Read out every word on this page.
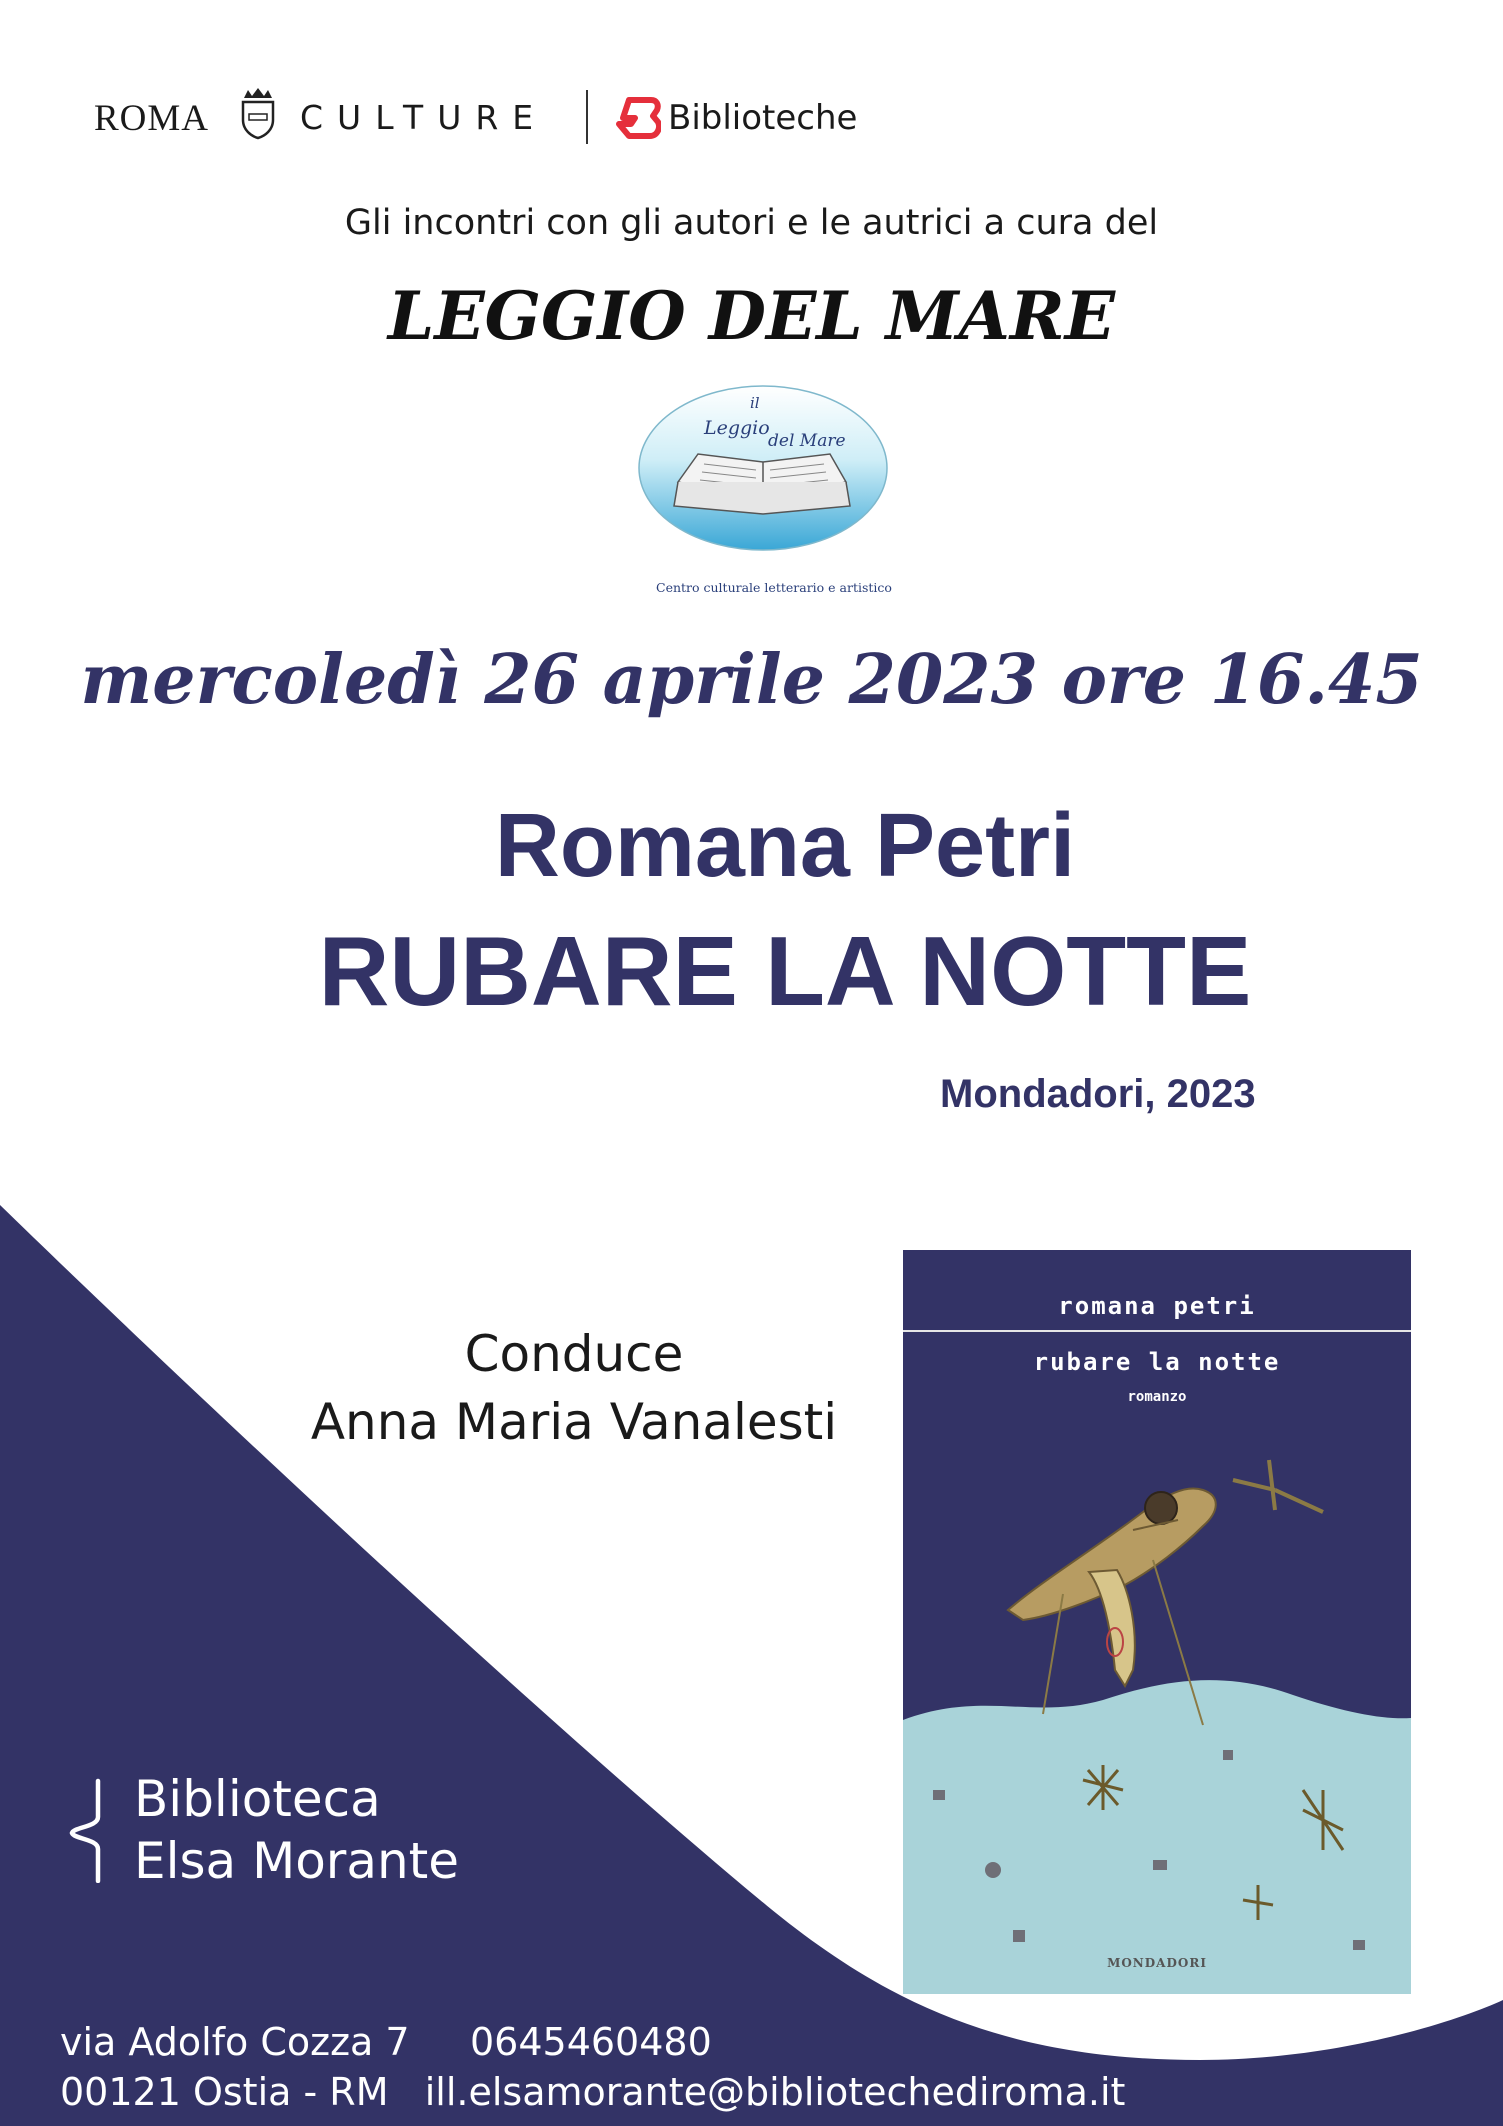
ROMA	CULTURE	Biblioteche
Gli incontri con gli autori e le autrici a cura del
LEGGIO DEL MARE
il
Leggio
del Mare
Centro culturale letterario e artistico
mercoledì 26 aprile 2023 ore 16.45
Romana Petri
RUBARE LA NOTTE
Mondadori, 2023
Conduce
Anna Maria Vanalesti
romana petri
rubare la notte
romanzo
MONDADORI
Biblioteca
Elsa Morante
via Adolfo Cozza 7 0645460480
00121 Ostia - RM ill.elsamorante@bibliotechediroma.it
